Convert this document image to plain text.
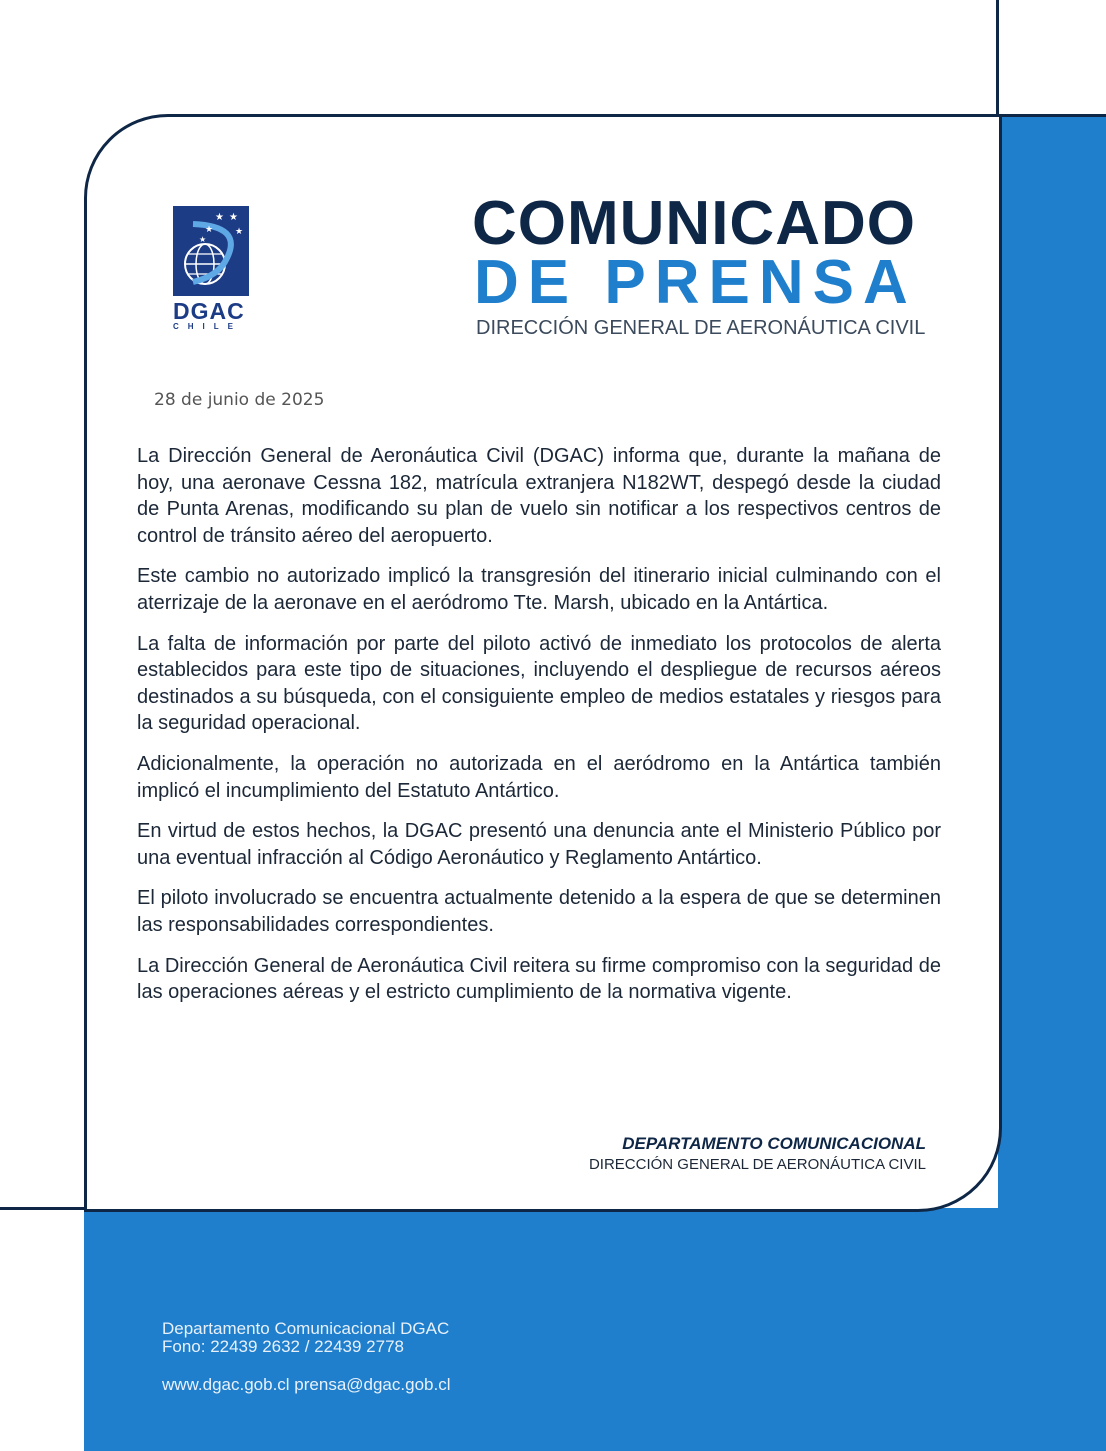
★ ★
★ ★
★
DGAC
CHILE
COMUNICADO
DE PRENSA
DIRECCIÓN GENERAL DE AERONÁUTICA CIVIL
28 de junio de 2025

La Dirección General de Aeronáutica Civil (DGAC) informa que, durante la mañana de hoy, una aeronave Cessna 182, matrícula extranjera N182WT, despegó desde la ciudad de Punta Arenas, modificando su plan de vuelo sin notificar a los respectivos centros de control de tránsito aéreo del aeropuerto.

Este cambio no autorizado implicó la transgresión del itinerario inicial culminando con el aterrizaje de la aeronave en el aeródromo Tte. Marsh, ubicado en la Antártica.

La falta de información por parte del piloto activó de inmediato los protocolos de alerta establecidos para este tipo de situaciones, incluyendo el despliegue de recursos aéreos destinados a su búsqueda, con el consiguiente empleo de medios estatales y riesgos para la seguridad operacional.

Adicionalmente, la operación no autorizada en el aeródromo en la Antártica también implicó el incumplimiento del Estatuto Antártico.

En virtud de estos hechos, la DGAC presentó una denuncia ante el Ministerio Público por una eventual infracción al Código Aeronáutico y Reglamento Antártico.

El piloto involucrado se encuentra actualmente detenido a la espera de que se determinen las responsabilidades correspondientes.

La Dirección General de Aeronáutica Civil reitera su firme compromiso con la seguridad de las operaciones aéreas y el estricto cumplimiento de la normativa vigente.

DEPARTAMENTO COMUNICACIONAL
DIRECCIÓN GENERAL DE AERONÁUTICA CIVIL
Departamento Comunicacional DGAC
Fono: 22439 2632 / 22439 2778
www.dgac.gob.cl prensa@dgac.gob.cl
